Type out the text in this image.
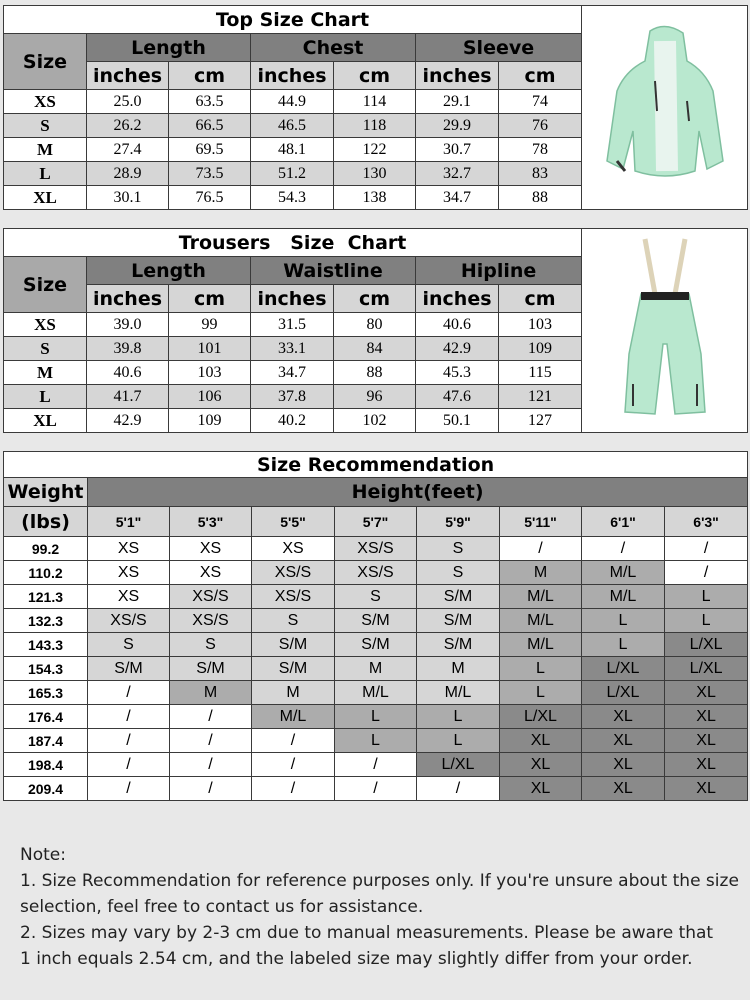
Top Size Chart	
Size	Length		Chest		Sleeve		
	inches	cm	inches	cm	inches	cm	
XS	25.0	63.5	44.9	114	29.1	74	
S	26.2	66.5	46.5	118	29.9	76	
M	27.4	69.5	48.1	122	30.7	78	
L	28.9	73.5	51.2	130	32.7	83	
XL	30.1	76.5	54.3	138	34.7	88	
Trousers   Size  Chart	
Size	Length		Waistline		Hipline		
	inches	cm	inches	cm	inches	cm	
XS	39.0	99	31.5	80	40.6	103	
S	39.8	101	33.1	84	42.9	109	
M	40.6	103	34.7	88	45.3	115	
L	41.7	106	37.8	96	47.6	121	
XL	42.9	109	40.2	102	50.1	127	
Size Recommendation								
Weight	Height(feet)							
(lbs)	5'1"	5'3"	5'5"	5'7"	5'9"	5'11"	6'1"	6'3"
99.2	XS	XS	XS	XS/S	S	/	/	/
110.2	XS	XS	XS/S	XS/S	S	M	M/L	/
121.3	XS	XS/S	XS/S	S	S/M	M/L	M/L	L
132.3	XS/S	XS/S	S	S/M	S/M	M/L	L	L
143.3	S	S	S/M	S/M	S/M	M/L	L	L/XL
154.3	S/M	S/M	S/M	M	M	L	L/XL	L/XL
165.3	/	M	M	M/L	M/L	L	L/XL	XL
176.4	/	/	M/L	L	L	L/XL	XL	XL
187.4	/	/	/	L	L	XL	XL	XL
198.4	/	/	/	/	L/XL	XL	XL	XL
209.4	/	/	/	/	/	XL	XL	XL
Note:
1. Size Recommendation for reference purposes only. If you're unsure about the size
selection, feel free to contact us for assistance.
2. Sizes may vary by 2-3 cm due to manual measurements. Please be aware that
1 inch equals 2.54 cm, and the labeled size may slightly differ from your order.
